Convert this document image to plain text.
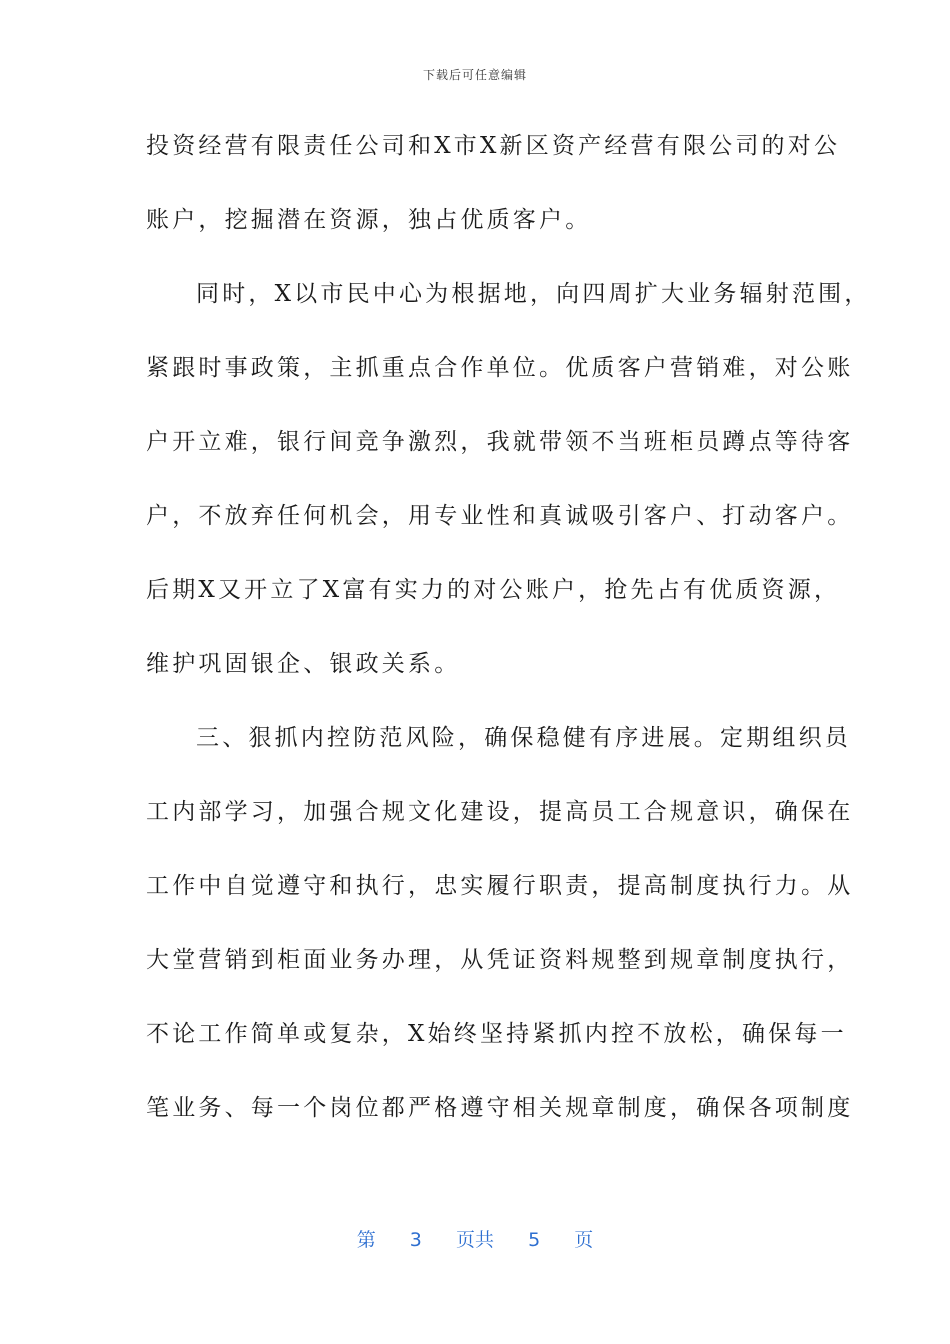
下载后可任意编辑
投资经营有限责任公司和X市X新区资产经营有限公司的对公
账户，挖掘潜在资源，独占优质客户。
同时，X以市民中心为根据地，向四周扩大业务辐射范围，
紧跟时事政策，主抓重点合作单位。优质客户营销难，对公账
户开立难，银行间竞争激烈，我就带领不当班柜员蹲点等待客
户，不放弃任何机会，用专业性和真诚吸引客户、打动客户。
后期X又开立了X富有实力的对公账户，抢先占有优质资源，
维护巩固银企、银政关系。
三、狠抓内控防范风险，确保稳健有序进展。定期组织员
工内部学习，加强合规文化建设，提高员工合规意识，确保在
工作中自觉遵守和执行，忠实履行职责，提高制度执行力。从
大堂营销到柜面业务办理，从凭证资料规整到规章制度执行，
不论工作简单或复杂，X始终坚持紧抓内控不放松，确保每一
笔业务、每一个岗位都严格遵守相关规章制度，确保各项制度
第 3 页共 5 页
